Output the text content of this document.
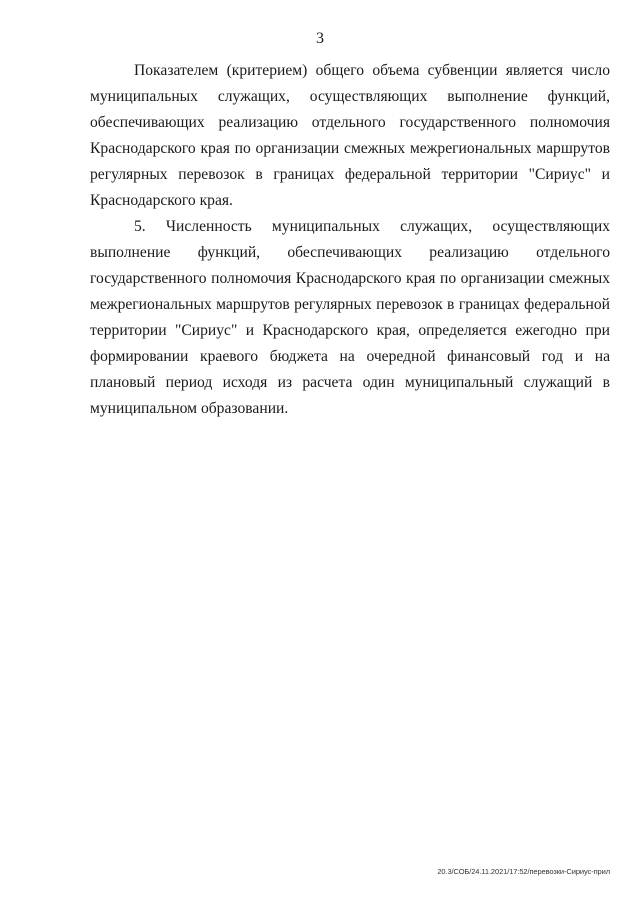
3

Показателем (критерием) общего объема субвенции является число муниципальных служащих, осуществляющих выполнение функций, обеспечивающих реализацию отдельного государственного полномочия Краснодарского края по организации смежных межрегиональных маршрутов регулярных перевозок в границах федеральной территории "Сириус" и Краснодарского края.

5. Численность муниципальных служащих, осуществляющих выполнение функций, обеспечивающих реализацию отдельного государственного полномочия Краснодарского края по организации смежных межрегиональных маршрутов регулярных перевозок в границах федеральной территории "Сириус" и Краснодарского края, определяется ежегодно при формировании краевого бюджета на очередной финансовый год и на плановый период исходя из расчета один муниципальный служащий в муниципальном образовании.

20.3/СОБ/24.11.2021/17:52/перевозки-Сириус-прил
